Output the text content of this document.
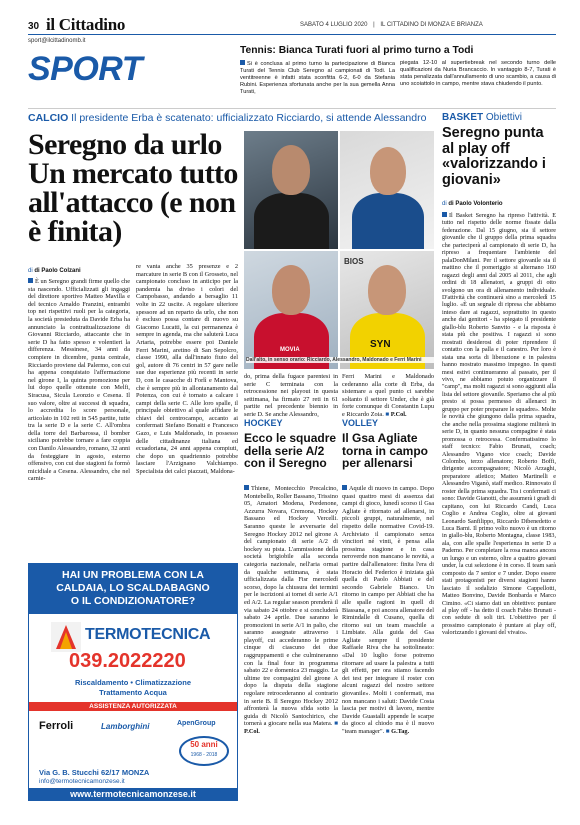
30 il Cittadino
sport@ilcittadinomb.it
SABATO 4 LUGLIO 2020 | IL CITTADINO DI MONZA E BRIANZA
SPORT	Tennis: Bianca Turati fuori al primo turno a Todi
Si è conclusa al primo turno la partecipazione di Bianca Turati del Tennis Club Seregno al campionati di Todi. La ventitreenne è infatti stata sconfitta 6-2, 6-0 da Stefania Rubini. Esperienza sfortunata anche per la sua gemella Anna Turati,
piegata 12-10 al supertiebreak nel secondo turno delle qualificazioni da Nuria Brancaccio. In vantaggio 8-7, Turati è stata penalizzata dall'annullamento di uno scambio, a causa di uno scoiattolo in campo, mentre stava chiudendo il punto.
CALCIO Il presidente Erba è scatenato: ufficializzato Ricciardo, si attende Alessandro
Seregno da urlo Un mercato tutto all'attacco (e non è finita)
MOVIA
BIOS
SYN
Dall'alto, in senso orario: Ricciardo, Alessandro, Maldonado e Ferri Marini
di di Paolo Colzani
È un Seregno grandi firme quello che sta nascendo. Ufficializzati gli ingaggi del direttore sportivo Matteo Mavilla e del tecnico Arnaldo Franzini, entrambi top nei rispettivi ruoli per la categoria, la società presieduta da Davide Erba ha annunciato la contrattualizzazione di Giovanni Ricciardo, attaccante che in serie D ha fatto spesso e volentieri la differenza. Messinese, 34 anni da compiere in dicembre, punta centrale, Ricciardo proviene dal Palermo, con cui ha appena conquistato l'affermazione nel girone I, la quinta promozione per lui dopo quelle ottenute con Melfi, Siracusa, Sicula Leonzio e Cesena. Il suo valore, oltre ai successi di squadra, lo accredita lo score personale, articolato in 102 reti in 545 partite, tutte tra la serie D e la serie C. All'ombra della torre del Barbarossa, il bomber siciliano potrebbe tornare a fare coppia con Danilo Alessandro, romano, 32 anni da festeggiare in agosto, esterno offensivo, con cui due stagioni fa formò micidiale a Cesena. Alessandro, che nel carnie-
re vanta anche 35 presenze e 2 marcature in serie B con il Grosseto, nel campionato concluso in anticipo per la pandemia ha diviso i colori del Campobasso, andando a bersaglio 11 volte in 22 uscite. A regolare ulteriore spessore ad un reparto da urlo, che non è escluso possa contare di nuovo su Giacomo Lucatti, la cui permanenza è sempre in agenda, ma che saluterà Luca Artaria, potrebbe essere poi Daniele Ferri Marini, aretino di San Sepolcro, classe 1990, alla dall'innato fiuto del gol, autore di 76 centri in 57 gare nelle sue due esperienze più recenti in serie D, con le casacche di Forlì e Mantova, che è sempre più in allontanamento dal Potenza, con cui è tornato a calcare i campi della serie C. Alle loro spalle, il principale obiettivo al quale affidare le chiavi del centrocampo, accanto ai confermati Stefano Bonaiti e Francesco Gazo, e Luis Maldonado, in possesso delle cittadinanze italiana ed ecuadoriana, 24 anni appena compiuti, che dopo un quadriennio potrebbe lasciare l'Arzignano Valchiampo. Specialista dei calci piazzati, Maldona-
do, prima della fugace parentesi in serie C terminata con la retrocessione nei playout in questa settimana, ha firmato 27 reti in 61 partite nel precedente biennio in serie D. Se anche Alessandro,
Ferri Marini e Maldonado cederanno alla corte di Erba, da sistemare a quel punto ci sarebbe soltanto il settore Under, che è già forte comunque di Constantin Lupu e Riccardo Zoia. ■ P.Col.
HOCKEY
Ecco le squadre della serie A/2 con il Seregno
Thiene, Montecchio Precalcino, Montebello, Roller Bassano, Trissino 05, Amatori Modena, Pordenone, Azzurra Novara, Cremona, Hockey Bassano ed Hockey Vercelli. Saranno queste le avversarie del Seregno Hockey 2012 nel girone A del campionato di serie A/2 di hockey su pista. L'ammissione della società brigiobile alla seconda categoria nazionale, nell'aria ormai da qualche settimana, è stata ufficializzata dalla Fisr mercoledì scorso, dopo la chiusura dei termini per le iscrizioni ai tornei di serie A/1 ed A/2. La regular season prenderà il via sabato 24 ottobre e si concluderà sabato 24 aprile. Due saranno le promozioni in serie A/1 in palio, che saranno assegnate attraverso i playoff, cui accederanno le prime cinque di ciascuno dei due raggruppamenti e che culmineranno con la final four in programma sabato 22 e domenica 23 maggio. Le ultime tre compagini del girone A dopo la disputa della stagione regolare retrocederanno al contrario in serie B. Il Seregno Hockey 2012 affronterà la nuova sfida sotto la guida di Nicolò Santochirico, che tornerà a giocare nella sua Matera. ■ P.Col.
VOLLEY
Il Gsa Agliate torna in campo per allenarsi
Aquile di nuovo in campo. Dopo quasi quattro mesi di assenza dai campi di gioco, lunedì scorso il Gsa Agliate è ritornato ad allenarsi, in piccoli gruppi, naturalmente, nel rispetto delle normative Covid-19. Archiviato il campionato senza vincitori né vinti, è pensa alla prossima stagione e in casa neroverde non mancano le novità, a partire dall'allenatore: finita l'era di Horacio del Federico è iniziata già quella di Paolo Abbiati e del secondo Gabriele Bianco. Un ritorno in campo per Abbiati che ha alle spalle ragioni in quell di Biassana, e poi ancora allenatore del Rimindalle di Cusano, quella di ritorno sui un team maschile a Limbiate. Alla guida del Gsa Agliate sempre il presidente Raffaele Riva che ha sottolineato: «Dal 10 luglio forse potremo ritornare ad usare la palestra a tutti gli effetti, per ora stiamo facendo dei test per integrare il roster con alcuni ragazzi del nostro settore giovanile». Molti i confermati, ma non mancano i saluti: Davide Costa lascia per motivi di lavoro, mentre Davide Guastalli appende le scarpe da gioco al chiodo ma è il nuovo "team manager". ■ G.Tag.
BASKET Obiettivi
Seregno punta al play off «valorizzando i giovani»
di di Paolo Volonterio
Il Basket Seregno ha ripreso l'attività. E tutto nel rispetto delle norme fissate dalla federazione. Dal 15 giugno, sia il settore giovanile che il gruppo della prima squadra che parteciperà al campionato di serie D, ha ripreso a frequentare l'ambiente del palaDonMilani. Per il settore giovanile sia il mattino che il pomeriggio si alternano 160 ragazzi degli anni dal 2005 al 2011, che agli ordini di 18 allenatori, a gruppi di otto svolgono un ora di allenamento individuale. D'attività che continuerà sino a mercoledì 15 luglio. «È un segnale di ripresa che abbiamo inteso dare ai ragazzi, soprattutto in questo anche dai genitori - ha spiegato il presidente giallo-blu Roberto Sanvito - e la risposta è stata più che positiva. I ragazzi si sono mostrati desiderosi di poter riprendere il contatto con la palla e il canestro. Per loro è stata una sorta di liberazione e in palestra hanno mostrato massimo impegno. In questi mesi estivi continueranno al passato, per il vivo, ne abbiamo potuto organizzare il "camp", ma molti ragazzi si sono aggiunti alla lista del settore giovanile. Speriamo che al più presto si possa permesso di allenarci in gruppo per poter preparare le squadre». Molte le novità che giungono dalla prima squadra, che anche nella prossima stagione militerà in serie D, in quanto nessuna compagine è stata promossa o retrocessa. Confermatissimo lo staff tecnico: Fabio Brunati, coach; Alessandro Vigano vice coach; Davide Colombo, terzo allenatore; Roberto Boffi, dirigente accompagnatore; Nicolò Arzaghi, preparatore atletico; Matteo Martinelli e Alessandro Viganò, staff medico. Rinnovato il roster della prima squadra. Tra i confermati ci sono: Davide Gianotti, che assumerà i gradi di capitano, con lui Riccardo Candi, Luca Coglio e Andrea Coglio, oltre ai giovani Leonardo Sanfilippo, Riccardo Dibenedetto e Luca Barni. Il primo volto nuovo è un ritorno in giallo-blu, Roberto Montagna, classe 1983, ala, con alle spalle l'esperienza in serie D a Paderno. Per completare la rosa manca ancora un lungo e un esterno, oltre a quattro giovani under, la cui selezione è in corso. Il team sarà composto da 7 senior e 7 under. Dopo essere stati protagonisti per diversi stagioni hanno lasciato il sodalizio Simone Cappellotti, Matteo Bonvino, Davide Bonbarda e Marco Cimino. «Ci siamo dati un obiettivo: puntare al play off - ha detto il coach Fabio Brunati - con sedute di soli tiri. L'obiettivo per il prossimo campionato è puntare ai play off, valorizzando i giovani del vivaio».
HAI UN PROBLEMA CON LA
CALDAIA, LO SCALDABAGNO
O IL CONDIZIONATORE?
TERMOTECNICA
039.2022220
Riscaldamento • Climatizzazione
Trattamento Acqua
ASSISTENZA AUTORIZZATA
Ferroli	Lamborghini	ApenGroup
50 anni
1968 - 2018
Via G. B. Stucchi 62/17 MONZA
info@termotecnicamonzese.it
www.termotecnicamonzese.it
